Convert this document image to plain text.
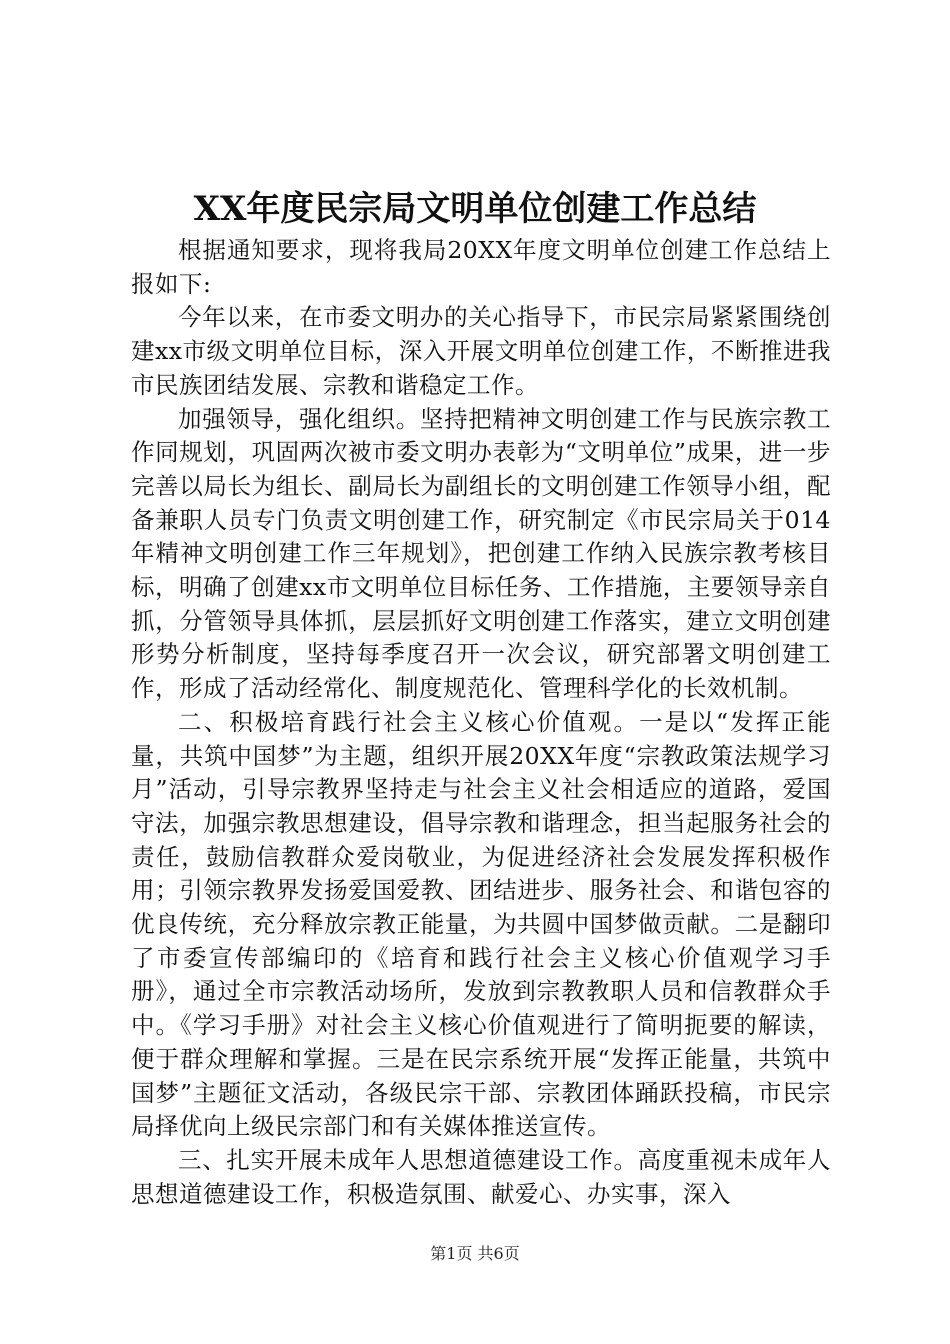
XX年度民宗局文明单位创建工作总结

根据通知要求，现将我局20XX年度文明单位创建工作总结上报如下:

今年以来，在市委文明办的关心指导下，市民宗局紧紧围绕创建xx市级文明单位目标，深入开展文明单位创建工作，不断推进我市民族团结发展、宗教和谐稳定工作。

加强领导，强化组织。坚持把精神文明创建工作与民族宗教工作同规划，巩固两次被市委文明办表彰为“文明单位”成果，进一步完善以局长为组长、副局长为副组长的文明创建工作领导小组，配备兼职人员专门负责文明创建工作，研究制定《市民宗局关于014年精神文明创建工作三年规划》，把创建工作纳入民族宗教考核目标，明确了创建xx市文明单位目标任务、工作措施，主要领导亲自抓，分管领导具体抓，层层抓好文明创建工作落实，建立文明创建形势分析制度，坚持每季度召开一次会议，研究部署文明创建工作，形成了活动经常化、制度规范化、管理科学化的长效机制。

二、积极培育践行社会主义核心价值观。一是以“发挥正能量，共筑中国梦”为主题，组织开展20XX年度“宗教政策法规学习月”活动，引导宗教界坚持走与社会主义社会相适应的道路，爱国守法，加强宗教思想建设，倡导宗教和谐理念，担当起服务社会的责任，鼓励信教群众爱岗敬业，为促进经济社会发展发挥积极作用；引领宗教界发扬爱国爱教、团结进步、服务社会、和谐包容的优良传统，充分释放宗教正能量，为共圆中国梦做贡献。二是翻印了市委宣传部编印的《培育和践行社会主义核心价值观学习手册》，通过全市宗教活动场所，发放到宗教教职人员和信教群众手中。《学习手册》对社会主义核心价值观进行了简明扼要的解读，便于群众理解和掌握。三是在民宗系统开展“发挥正能量，共筑中国梦”主题征文活动，各级民宗干部、宗教团体踊跃投稿，市民宗局择优向上级民宗部门和有关媒体推送宣传。

三、扎实开展未成年人思想道德建设工作。高度重视未成年人思想道德建设工作，积极造氛围、献爱心、办实事，深入

第1页 共6页
